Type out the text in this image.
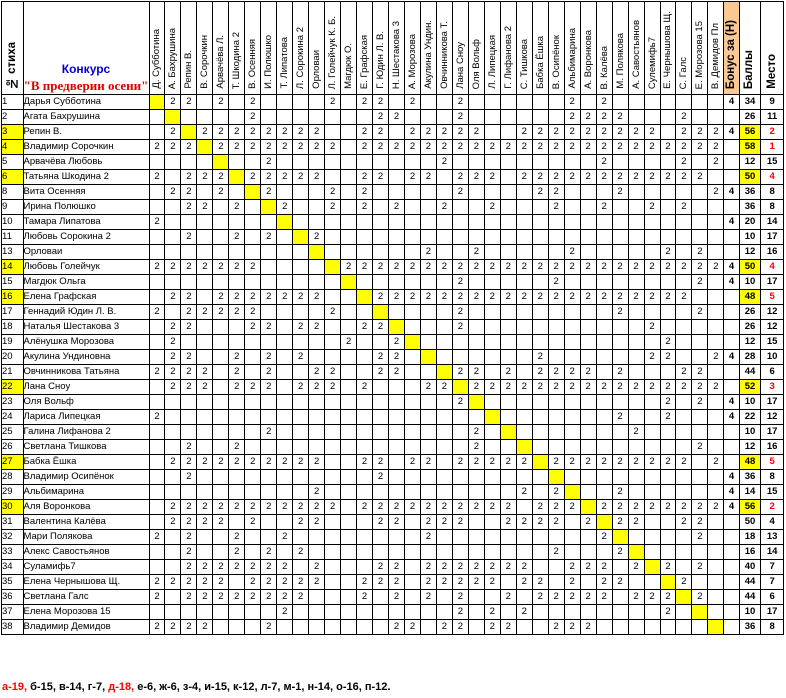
№ стиха	Конкурс
"В предверии осени"	Д. Субботина	А. Бахрушина	Репин В.	В. Сорочкин	Арвачёва Л.	Т. Шкодина 2	В. Осенняя	И. Полюшко	Т. Липатова	Л. Сорокина 2	Орловаи	Л. Голейчук К. Б.	Магдюк О.	Е. Графская	Г. Юдин Л. В.	Н. Шестакова 3	А. Морозова	Акулина Ундин.	Овчинникова Т.	Лана Сноу	Оля Вольф	Л. Липецкая	Г. Лифанова 2	С. Тишкова	Бабка Ёшка	В. Осипёнок	Альбимарина	А. Воронкова	В. Калёва	М. Полякова	А. Савостьянов	Сулемифь7	Е. Чернышова Щ.	С. Галс	Е. Морозова 15	В. Демидов Пл	Бонус за (Н)	Баллы	Место
1	Дарья Субботина		2	2		2		2					2		2	2		2			2							2		2								4	34	9
2	Агата Бахрушина							2								2	2				2							2	2	2	2				2				26	11
3	Репин В.		2		2	2	2	2	2	2	2	2			2	2		2	2	2	2	2			2	2	2	2	2	2	2	2	2		2	2	2	4	56	2
4	Владимир Сорочкин	2	2	2		2	2	2	2	2	2	2	2		2	2	2	2	2	2	2	2	2	2	2	2	2	2	2	2	2	2	2	2	2	2	2		58	1
5	Арвачёва Любовь								2											2										2					2		2		12	15
6	Татьяна Шкодина 2	2		2	2	2		2	2	2	2	2			2	2		2	2		2	2	2		2	2	2	2	2	2	2	2	2	2	2	2			50	4
8	Вита Осенняя		2	2		2			2				2		2						2					2	2				2						2	4	36	8
9	Ирина Полюшко			2	2		2			2			2		2		2			2			2				2			2			2		2				36	8
10	Тамара Липатова	2																																				4	20	14
11	Любовь Сорокина 2			2			2		2			2																											10	17
13	Орловаи																		2			2						2						2		2			12	16
14	Любовь Голейчук	2	2	2	2	2	2	2						2	2	2	2	2	2	2	2	2	2	2	2	2	2	2	2	2	2	2	2	2	2	2	2	4	50	4
15	Магдюк Ольга																				2						2									2		4	10	17
16	Елена Графская		2	2		2	2	2	2	2	2	2				2	2	2	2	2	2	2	2	2	2	2	2	2	2	2	2	2	2	2	2				48	5
17	Геннадий Юдин Л. В.	2		2	2	2	2	2					2								2										2					2			26	12
18	Наталья Шестакова 3		2	2				2	2		2	2			2	2					2												2						26	12
19	Алёнушка Морозова		2											2			2																	2					12	15
20	Акулина Ундиновна		2	2			2		2		2					2	2									2							2	2			2	4	28	10
21	Овчинникова Татьяна	2	2	2	2		2		2			2	2			2	2				2	2		2		2	2	2	2		2				2	2			44	6
22	Лана Сноу		2	2	2		2	2	2		2	2	2		2				2	2		2	2	2	2	2	2	2	2	2	2	2	2	2	2	2	2		52	3
23	Оля Вольф																				2													2		2		4	10	17
24	Лариса Липецкая	2																													2			2				4	22	12
25	Галина Лифанова 2								2													2										2							10	17
26	Светлана Тишкова			2			2															2														2			12	16
27	Бабка Ёшка		2	2	2	2	2	2	2	2	2	2			2	2		2	2		2	2	2	2	2		2	2	2	2	2	2	2	2	2		2		48	5
28	Владимир Осипёнок			2												2																						4	36	8
29	Альбимарина											2													2		2				2							4	14	15
30	Аля Воронкова		2	2	2	2	2	2	2	2	2	2	2		2	2	2	2	2	2	2	2	2	2		2	2	2		2	2	2	2	2	2	2	2	4	56	2
31	Валентина Калёва		2	2	2	2		2			2	2				2	2		2	2	2			2	2	2	2		2		2	2			2	2			50	4
32	Мари Полякова	2		2			2			2									2											2						2			18	13
33	Алекс Савостьянов			2			2		2		2																2				2								16	14
34	Суламифь7			2	2	2	2	2	2	2		2				2	2		2	2	2	2	2	2	2			2	2	2		2		2		2			40	7
35	Елена Чернышова Щ.	2	2	2	2	2		2	2	2	2	2			2	2	2		2	2	2	2	2		2	2		2		2	2				2				44	7
36	Светлана Галс	2		2	2	2	2	2	2	2	2				2		2		2		2			2		2	2	2	2	2		2	2	2		2			44	6
37	Елена Морозова 15									2											2		2		2									2					10	17
38	Владимир Демидов	2	2	2	2				2								2	2		2	2		2	2			2	2	2										36	8
а-19, б-15, в-14, г-7, д-18, е-6, ж-6, з-4, и-15, к-12, л-7, м-1, н-14, о-16, п-12.
